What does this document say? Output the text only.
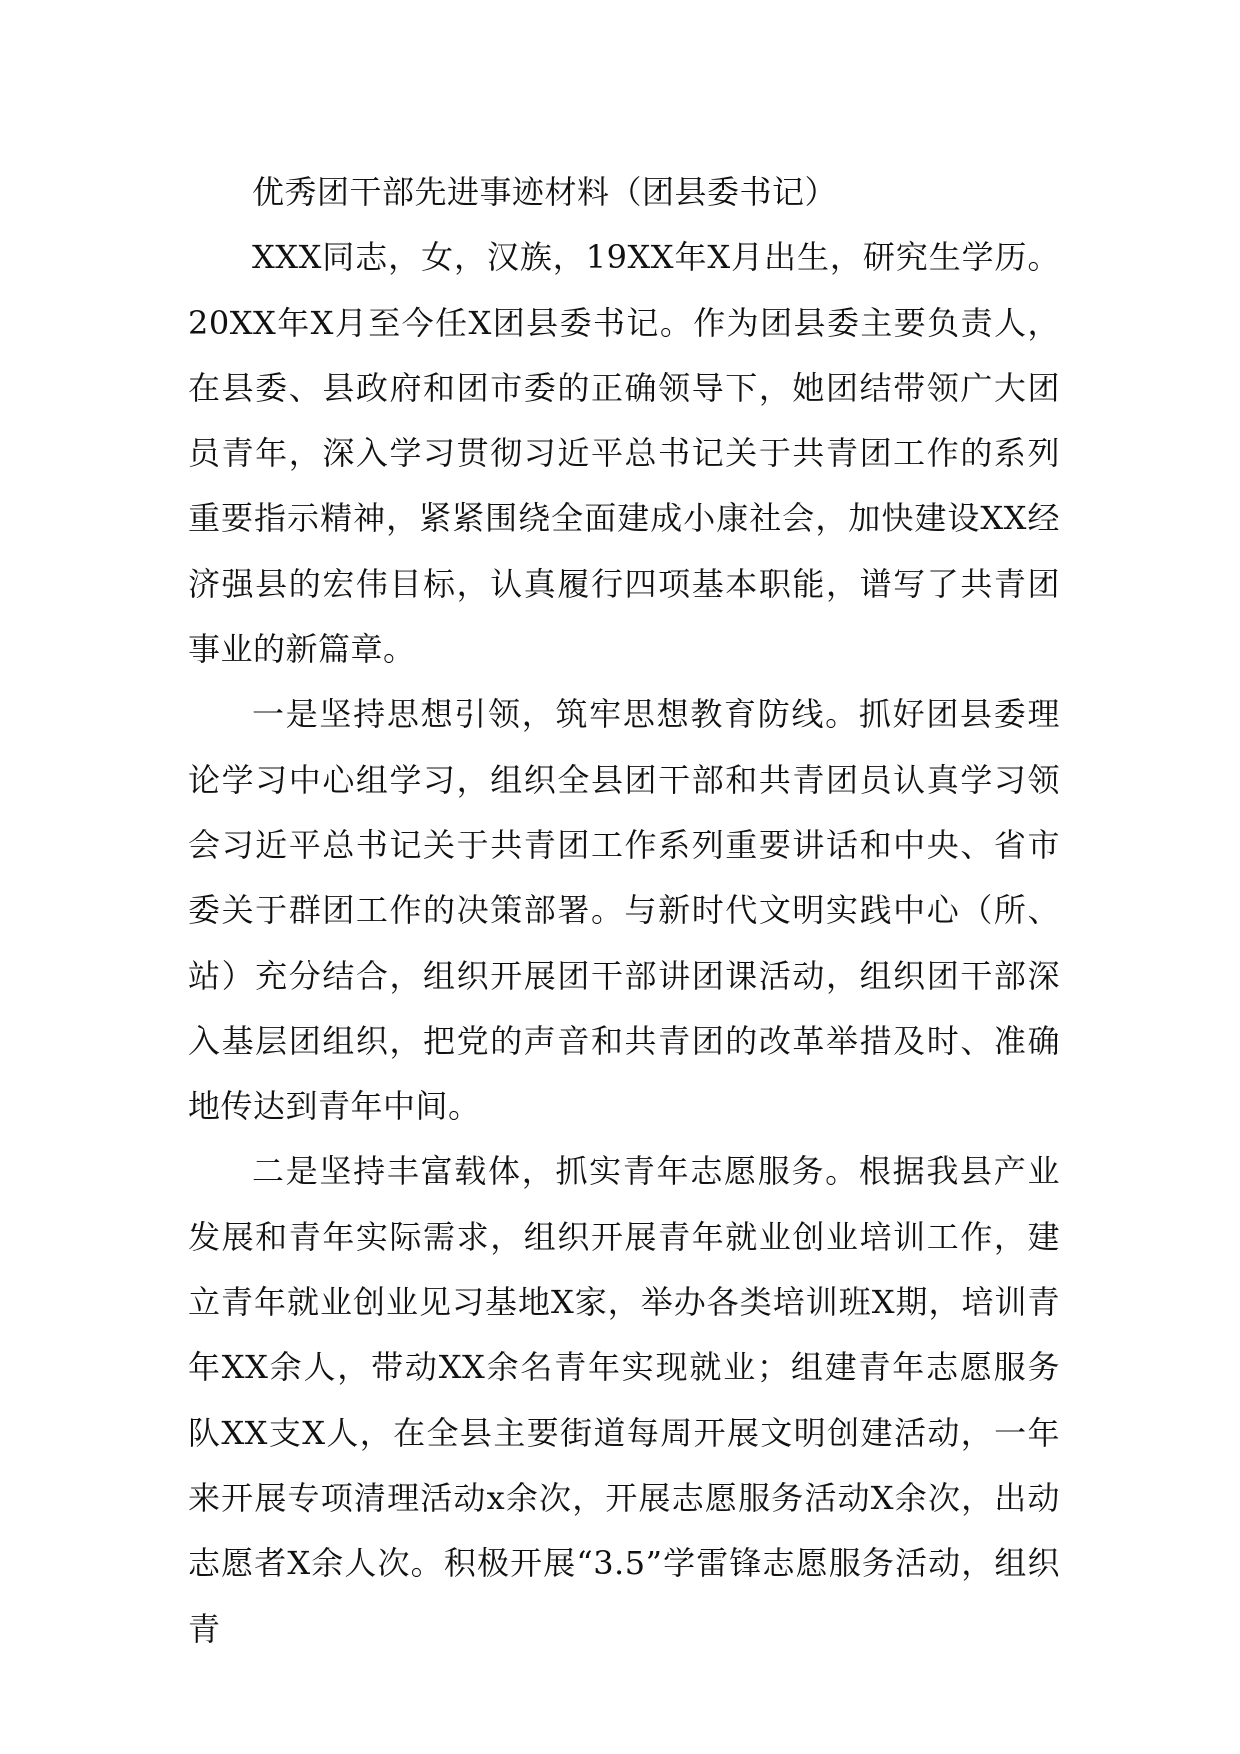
优秀团干部先进事迹材料（团县委书记）

XXX同志，女，汉族，19XX年X月出生，研究生学历。20XX年X月至今任X团县委书记。作为团县委主要负责人，在县委、县政府和团市委的正确领导下，她团结带领广大团员青年，深入学习贯彻习近平总书记关于共青团工作的系列重要指示精神，紧紧围绕全面建成小康社会，加快建设XX经济强县的宏伟目标，认真履行四项基本职能，谱写了共青团事业的新篇章。

一是坚持思想引领，筑牢思想教育防线。抓好团县委理论学习中心组学习，组织全县团干部和共青团员认真学习领会习近平总书记关于共青团工作系列重要讲话和中央、省市委关于群团工作的决策部署。与新时代文明实践中心（所、站）充分结合，组织开展团干部讲团课活动，组织团干部深入基层团组织，把党的声音和共青团的改革举措及时、准确地传达到青年中间。

二是坚持丰富载体，抓实青年志愿服务。根据我县产业发展和青年实际需求，组织开展青年就业创业培训工作，建立青年就业创业见习基地X家，举办各类培训班X期，培训青年XX余人，带动XX余名青年实现就业；组建青年志愿服务队XX支X人，在全县主要街道每周开展文明创建活动，一年来开展专项清理活动x余次，开展志愿服务活动X余次，出动志愿者X余人次。积极开展“3.5”学雷锋志愿服务活动，组织青
